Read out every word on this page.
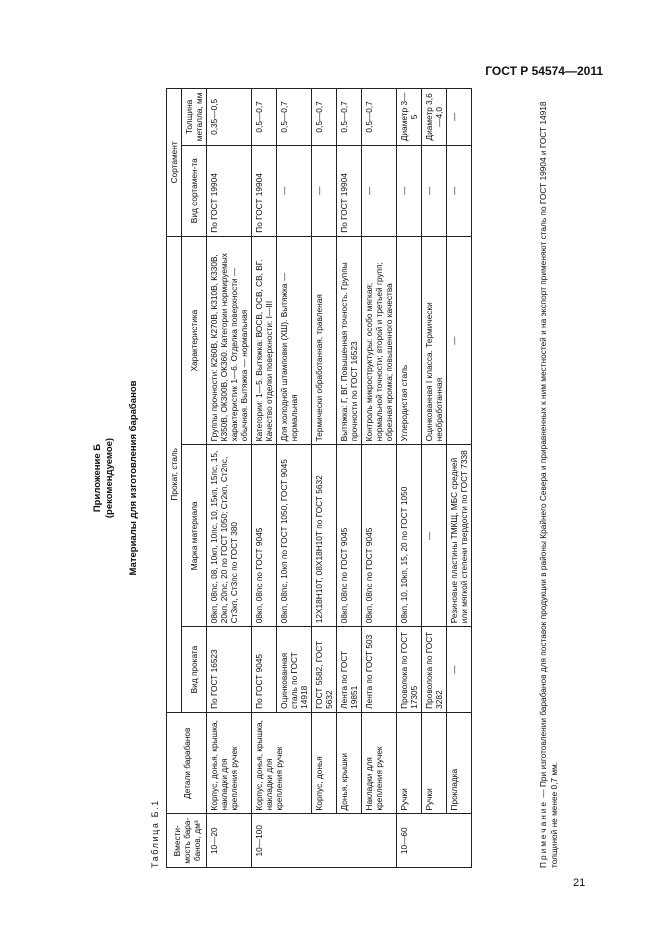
ГОСТ Р 54574—2011
Приложение Б (рекомендуемое) Материалы для изготовления барабанов
Таблица Б.1 Вмести-мость бара-банов, дм³	Детали барабанов	Прокат, сталь			Сортамент	
		Вид проката	Марка материала	Характеристика	Вид сортамен-та	Толщина металла, мм
10—20	Корпус, донья, крышка, накладки для крепления ручек	По ГОСТ 16523	08кп, 08пс, 08, 10кп, 10пс, 10, 15кп, 15пс, 15, 20кп, 20пс, 20 по ГОСТ 1050; Ст2кп, Ст2пс, Ст3кп, Ст3пс по ГОСТ 380	Группы прочности: К260В, К270В, К310В, К330В, К350В, ОК300В, ОК360. Категории нормируемых характеристик 1—6. Отделка поверхности — обычная. Вытяжка — нормальная	По ГОСТ 19904	0,35—0,5
10—100	Корпус, донья, крышка, накладки для крепления ручек	По ГОСТ 9045	08кп, 08пс по ГОСТ 9045	Категории: 1—5. Вытяжка: ВОСВ, ОСВ, СВ, ВГ. Качество отделки поверхности: I—III	По ГОСТ 19904	0,5—0,7
		Оцинкованная сталь по ГОСТ 14918	08кп, 08пс, 10кп по ГОСТ 1050, ГОСТ 9045	Для холодной штамповки (ХШ). Вытяжка — нормальная	—	0,5—0,7
	Корпус, донья	ГОСТ 5582, ГОСТ 5632	12Х18Н10Т, 08Х18Н10Т по ГОСТ 5632	Термически обработанная, травленая	—	0,5—0,7
	Донья, крышки	Лента по ГОСТ 19851	08кп, 08пс по ГОСТ 9045	Вытяжка: Г, ВГ. Повышенная точность. Группы прочности по ГОСТ 16523	По ГОСТ 19904	0,5—0,7
	Накладки для крепления ручек	Лента по ГОСТ 503	08кп, 08пс по ГОСТ 9045	Контроль микроструктуры: особо мягкая; нормальной точности; второй и третьей групп; обрезная кромка; повышенного качества	—	0,5—0,7
10—60	Ручки	Проволока по ГОСТ 17305	08кп, 10, 10кп, 15, 20 по ГОСТ 1050	Углеродистая сталь	—	Диаметр 3—5
	Ручки	Проволока по ГОСТ 3282	—	Оцинкованная I класса. Термически необработанная	—	Диаметр 3,6—4,0
	Прокладка	—	Резиновые пластины ТМКЩ, МБС средней или мягкой степени твердости по ГОСТ 7338	—	—	—
Примечание — При изготовлении барабанов для поставок продукции в районы Крайнего Севера и приравненных к ним местностей и на экспорт применяют сталь по ГОСТ 19904 и ГОСТ 14918 толщиной не менее 0,7 мм.
21
